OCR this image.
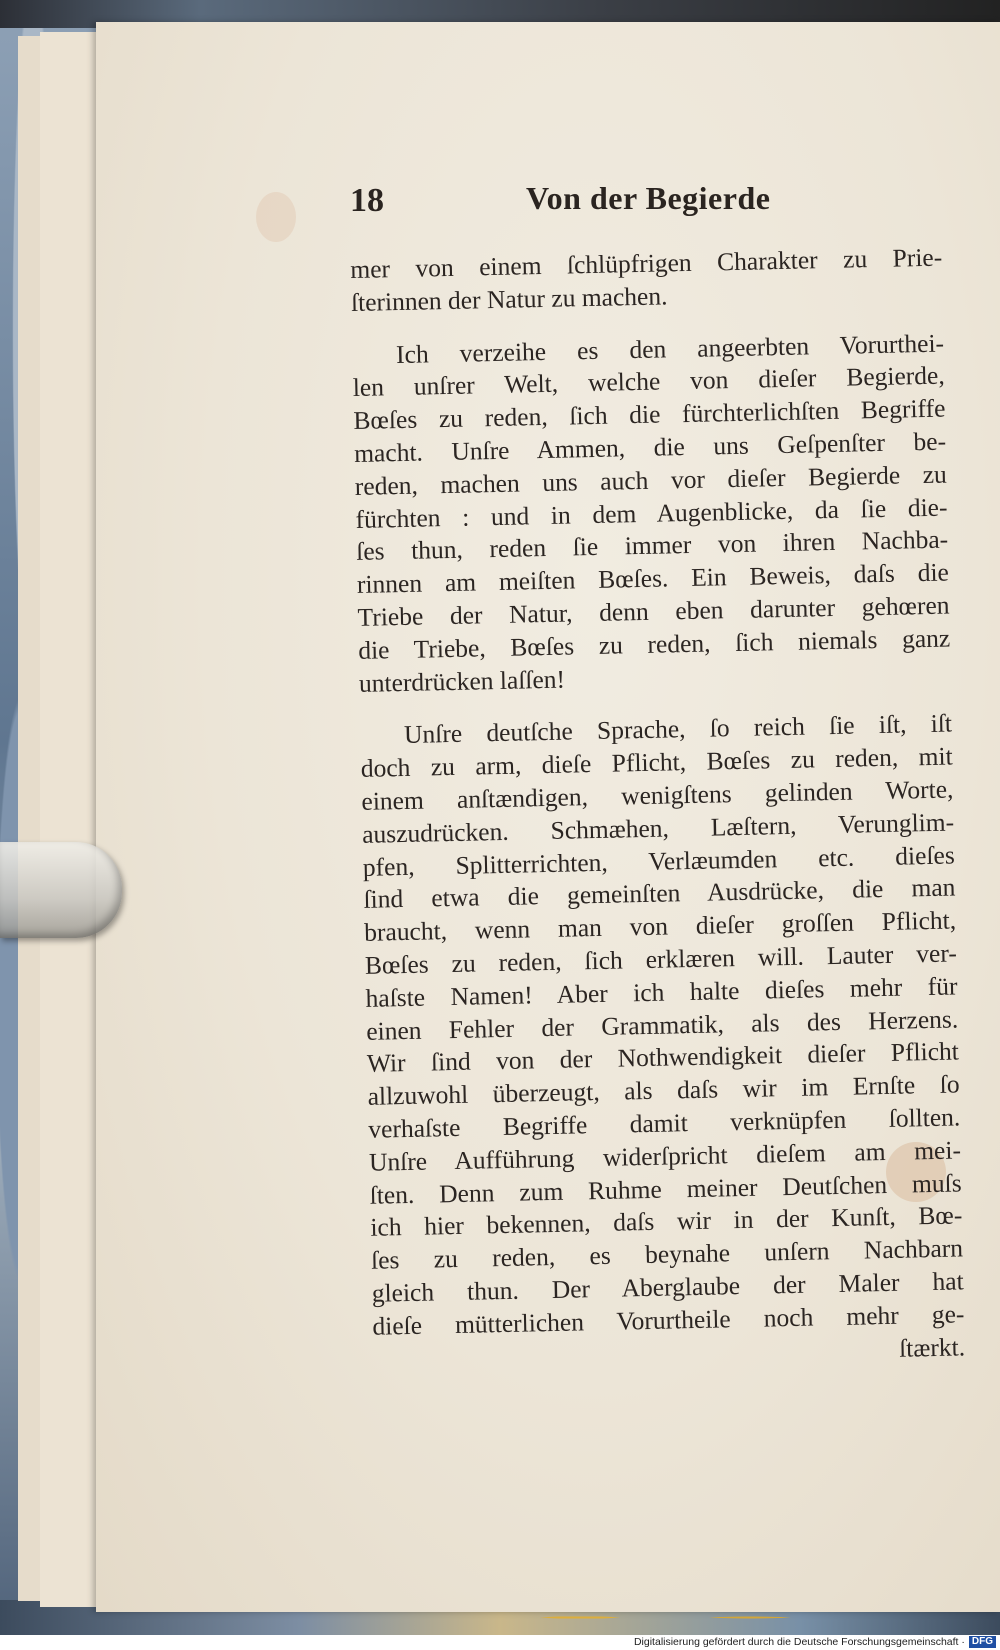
18	Von der Begierde

mer von einem ſchlüpfrigen Charakter zu Prie-
ſterinnen der Natur zu machen.

Ich verzeihe es den angeerbten Vorurthei-
len unſrer Welt, welche von dieſer Begierde,
Bœſes zu reden, ſich die fürchterlichſten Begriffe
macht. Unſre Ammen, die uns Geſpenſter be-
reden, machen uns auch vor dieſer Begierde zu
fürchten : und in dem Augenblicke, da ſie die-
ſes thun, reden ſie immer von ihren Nachba-
rinnen am meiſten Bœſes. Ein Beweis, daſs die
Triebe der Natur, denn eben darunter gehœren
die Triebe, Bœſes zu reden, ſich niemals ganz
unterdrücken laſſen!

Unſre deutſche Sprache, ſo reich ſie iſt, iſt
doch zu arm, dieſe Pflicht, Bœſes zu reden, mit
einem anſtændigen, wenigſtens gelinden Worte,
auszudrücken. Schmæhen, Læſtern, Verunglim-
pfen, Splitterrichten, Verlæumden etc. dieſes
ſind etwa die gemeinſten Ausdrücke, die man
braucht, wenn man von dieſer groſſen Pflicht,
Bœſes zu reden, ſich erklæren will. Lauter ver-
haſste Namen! Aber ich halte dieſes mehr für
einen Fehler der Grammatik, als des Herzens.
Wir ſind von der Nothwendigkeit dieſer Pflicht
allzuwohl überzeugt, als daſs wir im Ernſte ſo
verhaſste Begriffe damit verknüpfen ſollten.
Unſre Aufführung widerſpricht dieſem am mei-
ſten. Denn zum Ruhme meiner Deutſchen muſs
ich hier bekennen, daſs wir in der Kunſt, Bœ-
ſes zu reden, es beynahe unſern Nachbarn
gleich thun. Der Aberglaube der Maler hat
dieſe mütterlichen Vorurtheile noch mehr ge-

ſtærkt.
Digitalisierung gefördert durch die Deutsche Forschungsgemeinschaft · DFG
